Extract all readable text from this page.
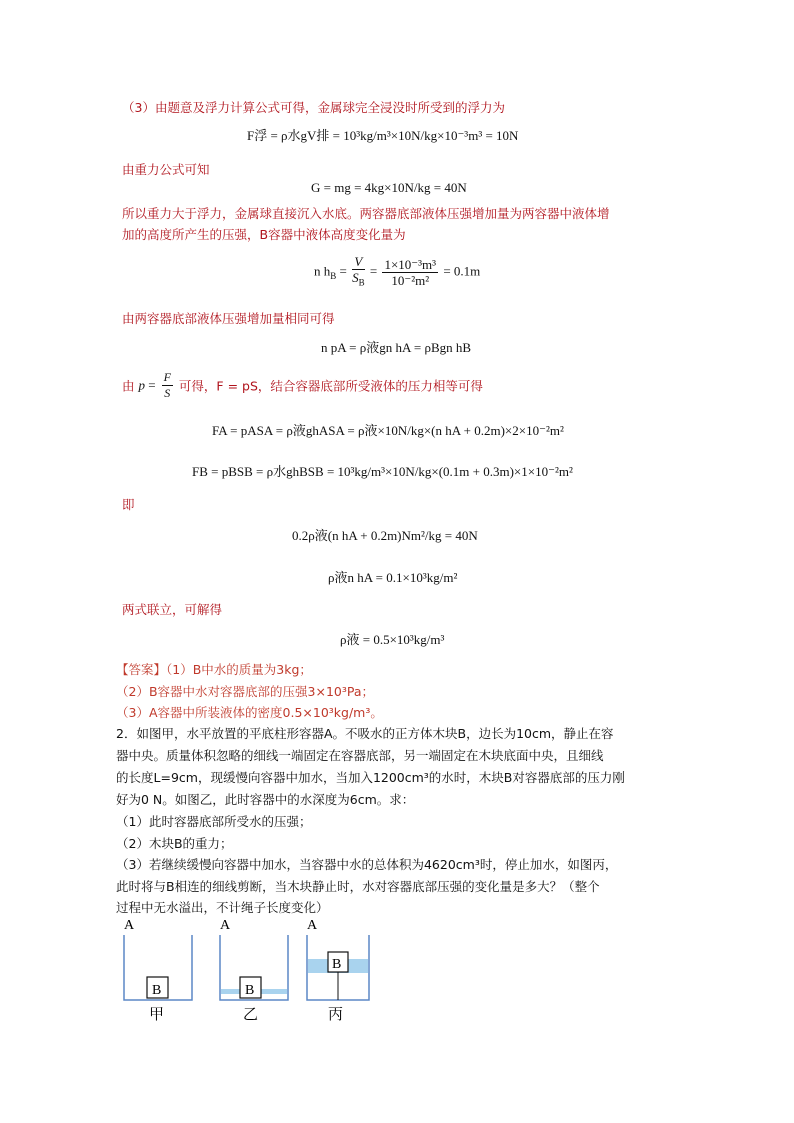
（3）由题意及浮力计算公式可得，金属球完全浸没时所受到的浮力为
F浮 = ρ水gV排 = 10³kg/m³×10N/kg×10⁻³m³ = 10N
由重力公式可知
G = mg = 4kg×10N/kg = 40N
所以重力大于浮力，金属球直接沉入水底。两容器底部液体压强增加量为两容器中液体增
加的高度所产生的压强，B容器中液体高度变化量为
n $h_B = \frac{V}{S_B} = \frac{\text{1×10⁻³m³}}{\text{10⁻²m²}} = 0.1m$
由两容器底部液体压强增加量相同可得
n pA = ρ液gn hA = ρBgn hB
由 $p = \frac{F}{S}$ 可得，F = pS，结合容器底部所受液体的压力相等可得
FA = pASA = ρ液ghASA = ρ液×10N/kg×(n hA + 0.2m)×2×10⁻²m²
FB = pBSB = ρ水ghBSB = 10³kg/m³×10N/kg×(0.1m + 0.3m)×1×10⁻²m²
即
0.2ρ液(n hA + 0.2m)Nm²/kg = 40N
ρ液n hA = 0.1×10³kg/m²
两式联立，可解得
ρ液 = 0.5×10³kg/m³
【答案】（1）B中水的质量为3kg；
（2）B容器中水对容器底部的压强3×10³Pa；
（3）A容器中所装液体的密度0.5×10³kg/m³。
2．如图甲，水平放置的平底柱形容器A。不吸水的正方体木块B，边长为10cm，静止在容
器中央。质量体积忽略的细线一端固定在容器底部，另一端固定在木块底面中央，且细线
的长度L=9cm，现缓慢向容器中加水，当加入1200cm³的水时，木块B对容器底部的压力刚
好为0 N。如图乙，此时容器中的水深度为6cm。求：
（1）此时容器底部所受水的压强；
（2）木块B的重力；
（3）若继续缓慢向容器中加水，当容器中水的总体积为4620cm³时，停止加水，如图丙，
此时将与B相连的细线剪断，当木块静止时，水对容器底部压强的变化量是多大？（整个
过程中无水溢出，不计绳子长度变化）
A
B
甲
A
B
乙
A
B
丙
